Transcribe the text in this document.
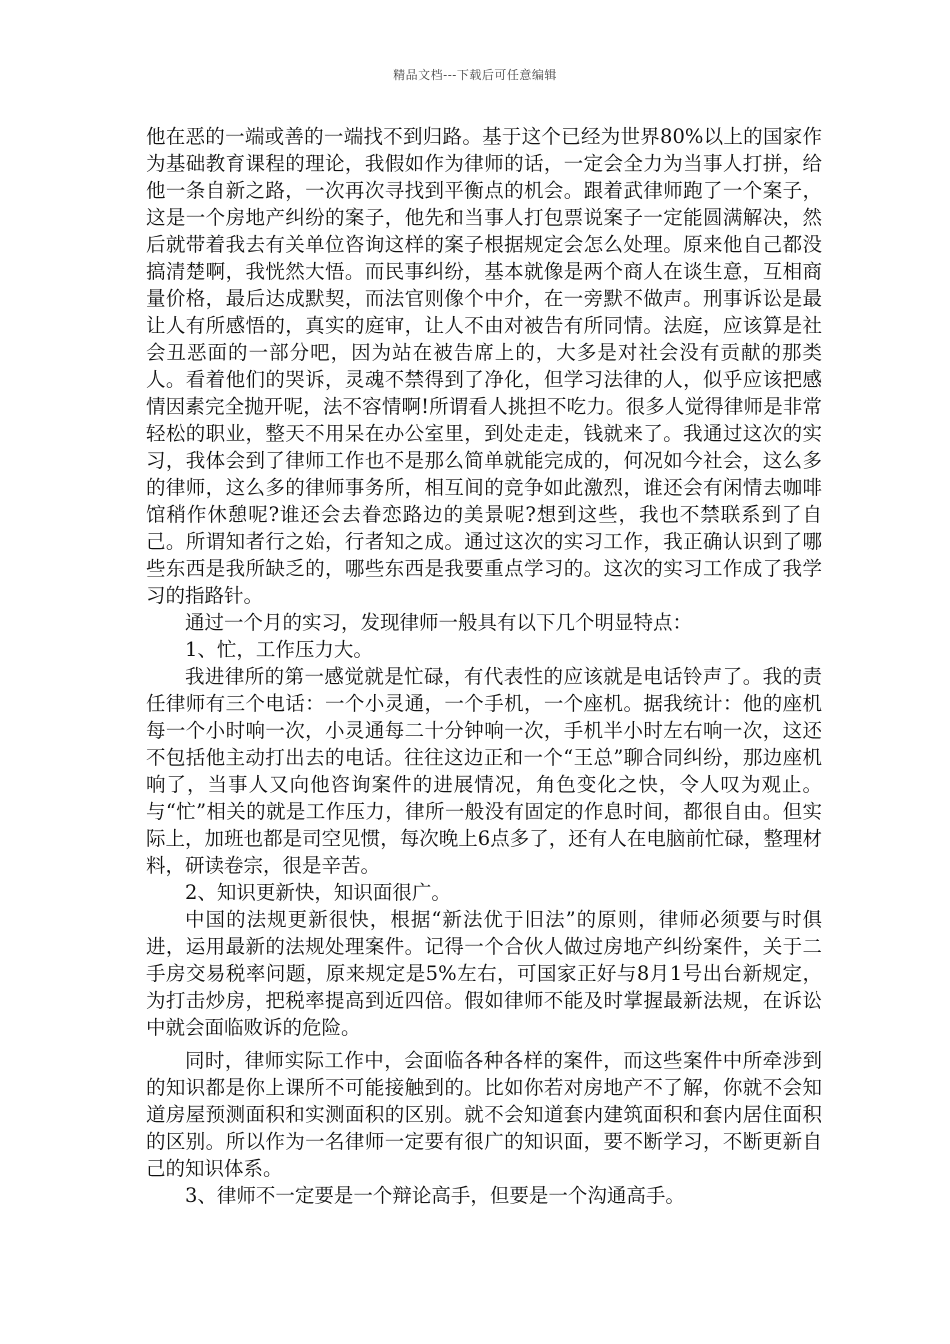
精品文档---下载后可任意编辑

他在恶的一端或善的一端找不到归路。基于这个已经为世界80%以上的国家作为基础教育课程的理论，我假如作为律师的话，一定会全力为当事人打拼，给他一条自新之路，一次再次寻找到平衡点的机会。跟着武律师跑了一个案子，这是一个房地产纠纷的案子，他先和当事人打包票说案子一定能圆满解决，然后就带着我去有关单位咨询这样的案子根据规定会怎么处理。原来他自己都没搞清楚啊，我恍然大悟。而民事纠纷，基本就像是两个商人在谈生意，互相商量价格，最后达成默契，而法官则像个中介，在一旁默不做声。刑事诉讼是最让人有所感悟的，真实的庭审，让人不由对被告有所同情。法庭，应该算是社会丑恶面的一部分吧，因为站在被告席上的，大多是对社会没有贡献的那类人。看着他们的哭诉，灵魂不禁得到了净化，但学习法律的人，似乎应该把感情因素完全抛开呢，法不容情啊!所谓看人挑担不吃力。很多人觉得律师是非常轻松的职业，整天不用呆在办公室里，到处走走，钱就来了。我通过这次的实习，我体会到了律师工作也不是那么简单就能完成的，何况如今社会，这么多的律师，这么多的律师事务所，相互间的竞争如此激烈，谁还会有闲情去咖啡馆稍作休憩呢?谁还会去眷恋路边的美景呢?想到这些，我也不禁联系到了自己。所谓知者行之始，行者知之成。通过这次的实习工作，我正确认识到了哪些东西是我所缺乏的，哪些东西是我要重点学习的。这次的实习工作成了我学习的指路针。

通过一个月的实习，发现律师一般具有以下几个明显特点：

1、忙，工作压力大。

我进律所的第一感觉就是忙碌，有代表性的应该就是电话铃声了。我的责任律师有三个电话：一个小灵通，一个手机，一个座机。据我统计：他的座机每一个小时响一次，小灵通每二十分钟响一次，手机半小时左右响一次，这还不包括他主动打出去的电话。往往这边正和一个“王总”聊合同纠纷，那边座机响了，当事人又向他咨询案件的进展情况，角色变化之快，令人叹为观止。与“忙”相关的就是工作压力，律所一般没有固定的作息时间，都很自由。但实际上，加班也都是司空见惯，每次晚上6点多了，还有人在电脑前忙碌，整理材料，研读卷宗，很是辛苦。

2、知识更新快，知识面很广。

中国的法规更新很快，根据“新法优于旧法”的原则，律师必须要与时俱进，运用最新的法规处理案件。记得一个合伙人做过房地产纠纷案件，关于二手房交易税率问题，原来规定是5%左右，可国家正好与8月1号出台新规定，为打击炒房，把税率提高到近四倍。假如律师不能及时掌握最新法规，在诉讼中就会面临败诉的危险。

同时，律师实际工作中，会面临各种各样的案件，而这些案件中所牵涉到的知识都是你上课所不可能接触到的。比如你若对房地产不了解，你就不会知道房屋预测面积和实测面积的区别。就不会知道套内建筑面积和套内居住面积的区别。所以作为一名律师一定要有很广的知识面，要不断学习，不断更新自己的知识体系。

3、律师不一定要是一个辩论高手，但要是一个沟通高手。
